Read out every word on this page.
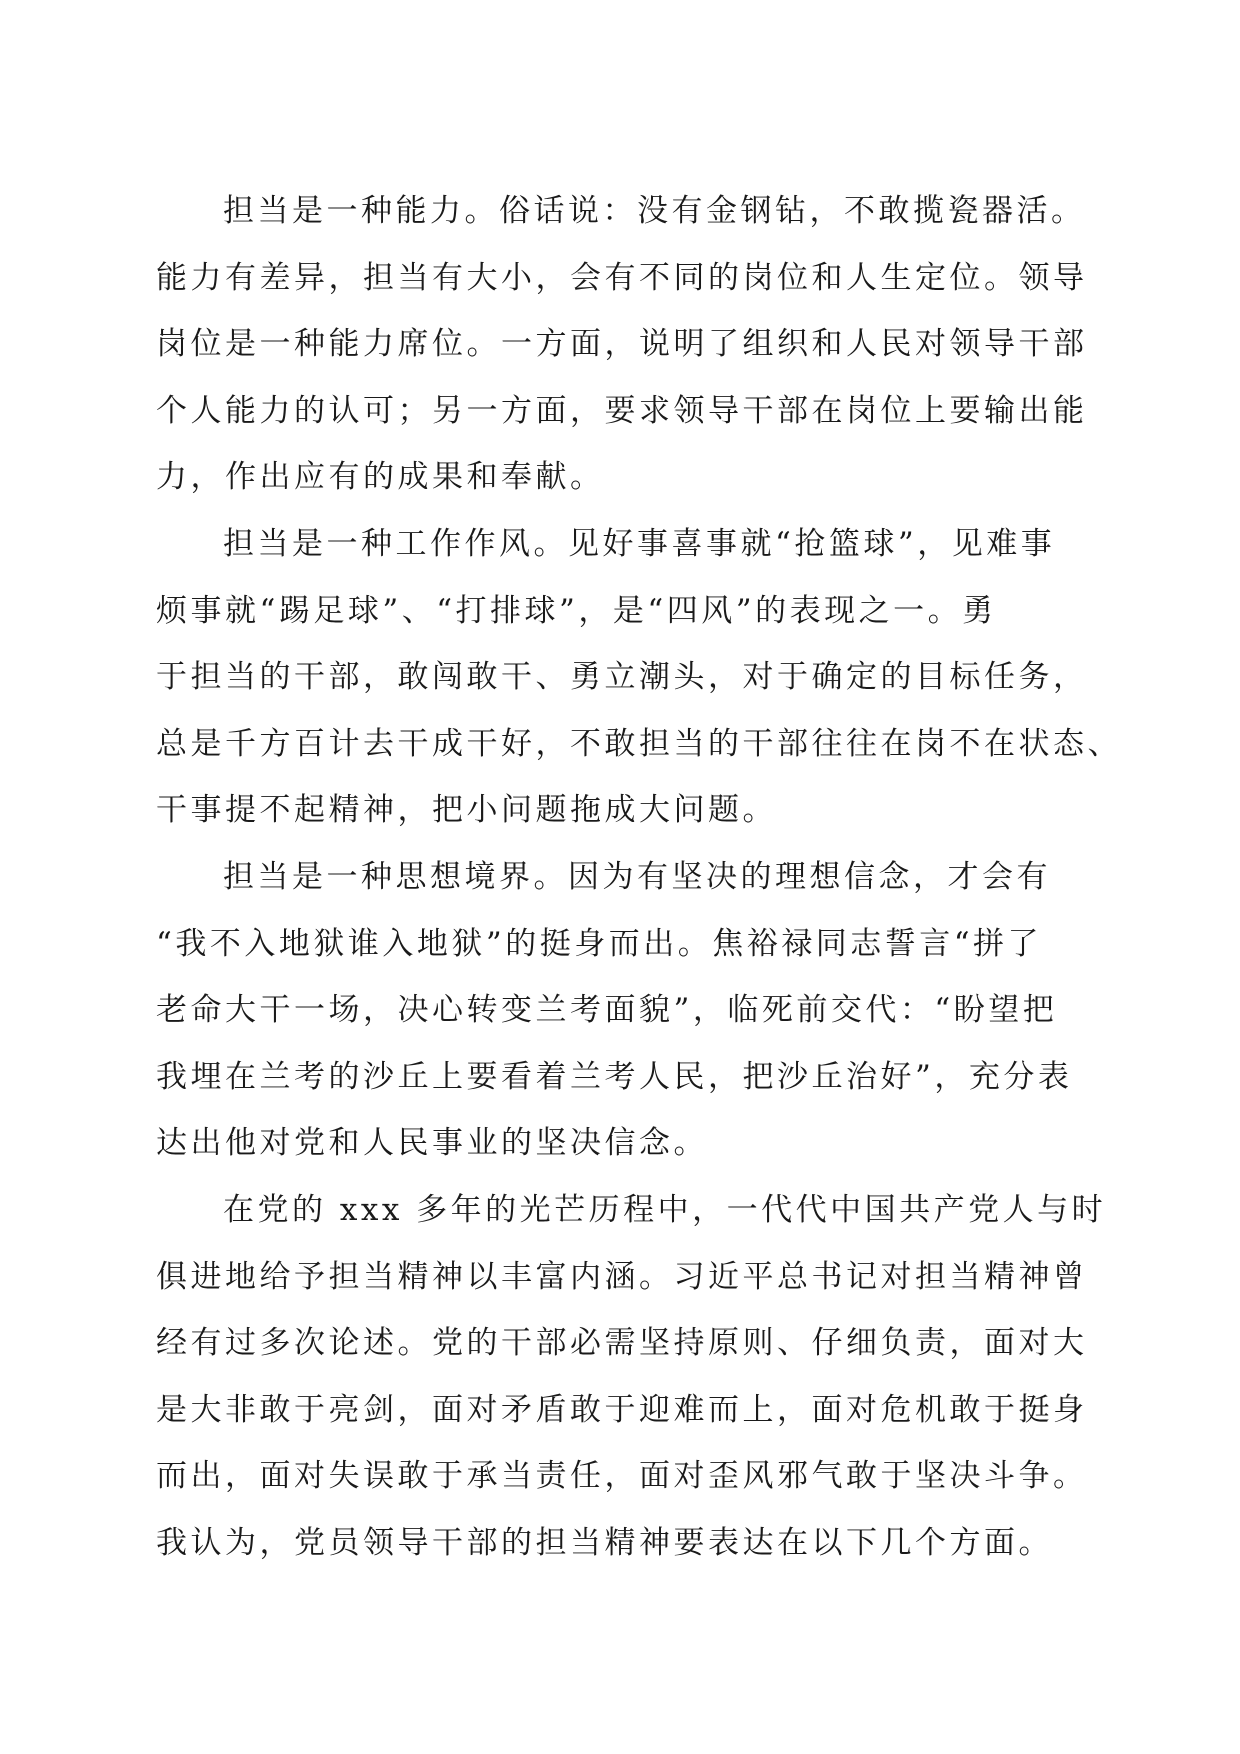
担当是一种能力。俗话说：没有金钢钻，不敢揽瓷器活。
能力有差异，担当有大小，会有不同的岗位和人生定位。领导
岗位是一种能力席位。一方面，说明了组织和人民对领导干部
个人能力的认可；另一方面，要求领导干部在岗位上要输出能
力，作出应有的成果和奉献。
担当是一种工作作风。见好事喜事就“抢篮球”，见难事
烦事就“踢足球”、“打排球”，是“四风”的表现之一。勇
于担当的干部，敢闯敢干、勇立潮头，对于确定的目标任务，
总是千方百计去干成干好，不敢担当的干部往往在岗不在状态、
干事提不起精神，把小问题拖成大问题。
担当是一种思想境界。因为有坚决的理想信念，才会有
“我不入地狱谁入地狱”的挺身而出。焦裕禄同志誓言“拼了
老命大干一场，决心转变兰考面貌”，临死前交代：“盼望把
我埋在兰考的沙丘上要看着兰考人民，把沙丘治好”，充分表
达出他对党和人民事业的坚决信念。
在党的 xxx 多年的光芒历程中，一代代中国共产党人与时
俱进地给予担当精神以丰富内涵。习近平总书记对担当精神曾
经有过多次论述。党的干部必需坚持原则、仔细负责，面对大
是大非敢于亮剑，面对矛盾敢于迎难而上，面对危机敢于挺身
而出，面对失误敢于承当责任，面对歪风邪气敢于坚决斗争。
我认为，党员领导干部的担当精神要表达在以下几个方面。
